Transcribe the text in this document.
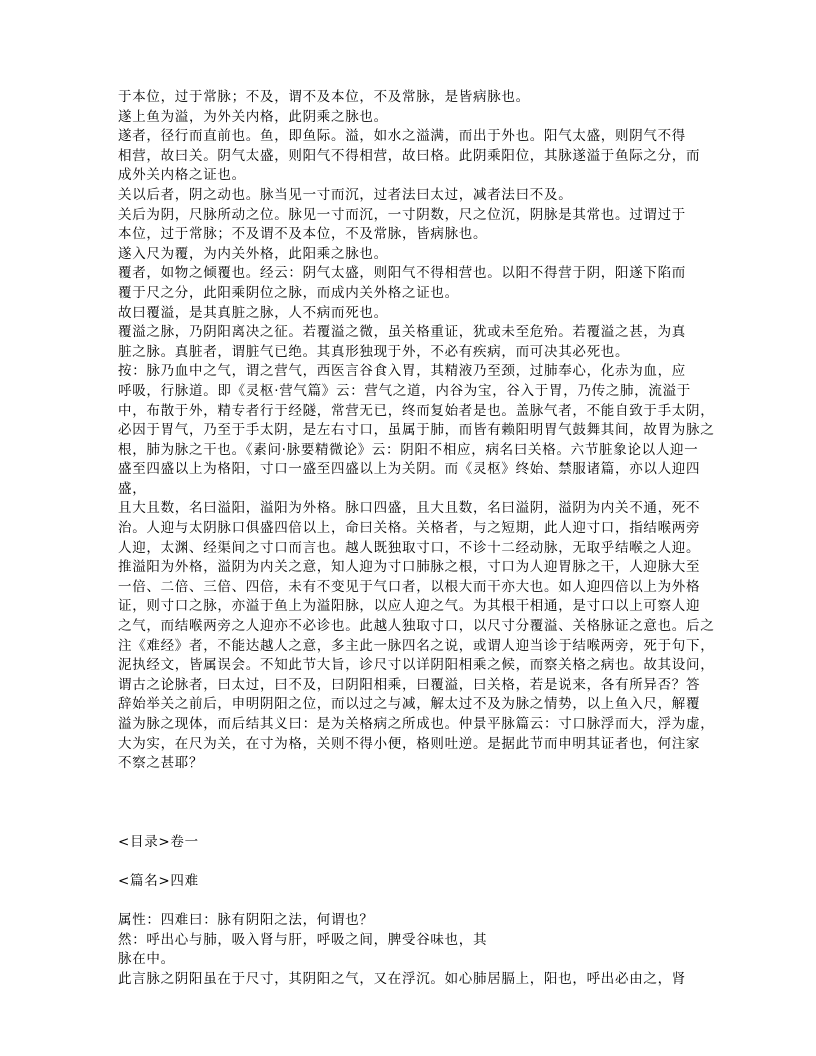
于本位，过于常脉；不及，谓不及本位，不及常脉，是皆病脉也。
遂上鱼为溢，为外关内格，此阴乘之脉也。
遂者，径行而直前也。鱼，即鱼际。溢，如水之溢满，而出于外也。阳气太盛，则阴气不得
相营，故曰关。阴气太盛，则阳气不得相营，故曰格。此阴乘阳位，其脉遂溢于鱼际之分，而
成外关内格之证也。
关以后者，阴之动也。脉当见一寸而沉，过者法曰太过，减者法曰不及。
关后为阴，尺脉所动之位。脉见一寸而沉，一寸阴数，尺之位沉，阴脉是其常也。过谓过于
本位，过于常脉；不及谓不及本位，不及常脉，皆病脉也。
遂入尺为覆，为内关外格，此阳乘之脉也。
覆者，如物之倾覆也。经云：阴气太盛，则阳气不得相营也。以阳不得营于阴，阳遂下陷而
覆于尺之分，此阳乘阴位之脉，而成内关外格之证也。
故曰覆溢，是其真脏之脉，人不病而死也。
覆溢之脉，乃阴阳离决之征。若覆溢之微，虽关格重证，犹或未至危殆。若覆溢之甚，为真
脏之脉。真脏者，谓脏气已绝。其真形独现于外，不必有疾病，而可决其必死也。
按：脉乃血中之气，谓之营气，西医言谷食入胃，其精液乃至颈，过肺奉心，化赤为血，应
呼吸，行脉道。即《灵枢·营气篇》云：营气之道，内谷为宝，谷入于胃，乃传之肺，流溢于
中，布散于外，精专者行于经隧，常营无已，终而复始者是也。盖脉气者，不能自致于手太阴，
必因于胃气，乃至于手太阴，是左右寸口，虽属于肺，而皆有赖阳明胃气鼓舞其间，故胃为脉之
根，肺为脉之干也。《素问·脉要精微论》云：阴阳不相应，病名曰关格。六节脏象论以人迎一
盛至四盛以上为格阳，寸口一盛至四盛以上为关阴。而《灵枢》终始、禁服诸篇，亦以人迎四
盛，
且大且数，名曰溢阳，溢阳为外格。脉口四盛，且大且数，名曰溢阴，溢阴为内关不通，死不
治。人迎与太阴脉口俱盛四倍以上，命曰关格。关格者，与之短期，此人迎寸口，指结喉两旁
人迎，太渊、经渠间之寸口而言也。越人既独取寸口，不诊十二经动脉，无取乎结喉之人迎。
推溢阳为外格，溢阴为内关之意，知人迎为寸口肺脉之根，寸口为人迎胃脉之干，人迎脉大至
一倍、二倍、三倍、四倍，未有不变见于气口者，以根大而干亦大也。如人迎四倍以上为外格
证，则寸口之脉，亦溢于鱼上为溢阳脉，以应人迎之气。为其根干相通，是寸口以上可察人迎
之气，而结喉两旁之人迎亦不必诊也。此越人独取寸口，以尺寸分覆溢、关格脉证之意也。后之
注《难经》者，不能达越人之意，多主此一脉四名之说，或谓人迎当诊于结喉两旁，死于句下，
泥执经文，皆属误会。不知此节大旨，诊尺寸以详阴阳相乘之候，而察关格之病也。故其设问，
谓古之论脉者，曰太过，曰不及，曰阴阳相乘，曰覆溢，曰关格，若是说来，各有所异否？答
辞始举关之前后，申明阴阳之位，而以过之与减，解太过不及为脉之情势，以上鱼入尺，解覆
溢为脉之现体，而后结其义曰：是为关格病之所成也。仲景平脉篇云：寸口脉浮而大，浮为虚，
大为实，在尺为关，在寸为格，关则不得小便，格则吐逆。是据此节而申明其证者也，何注家
不察之甚耶？
<目录>卷一
<篇名>四难
属性：四难曰：脉有阴阳之法，何谓也？
然：呼出心与肺，吸入肾与肝，呼吸之间，脾受谷味也，其
脉在中。
此言脉之阴阳虽在于尺寸，其阴阳之气，又在浮沉。如心肺居膈上，阳也，呼出必由之，肾
